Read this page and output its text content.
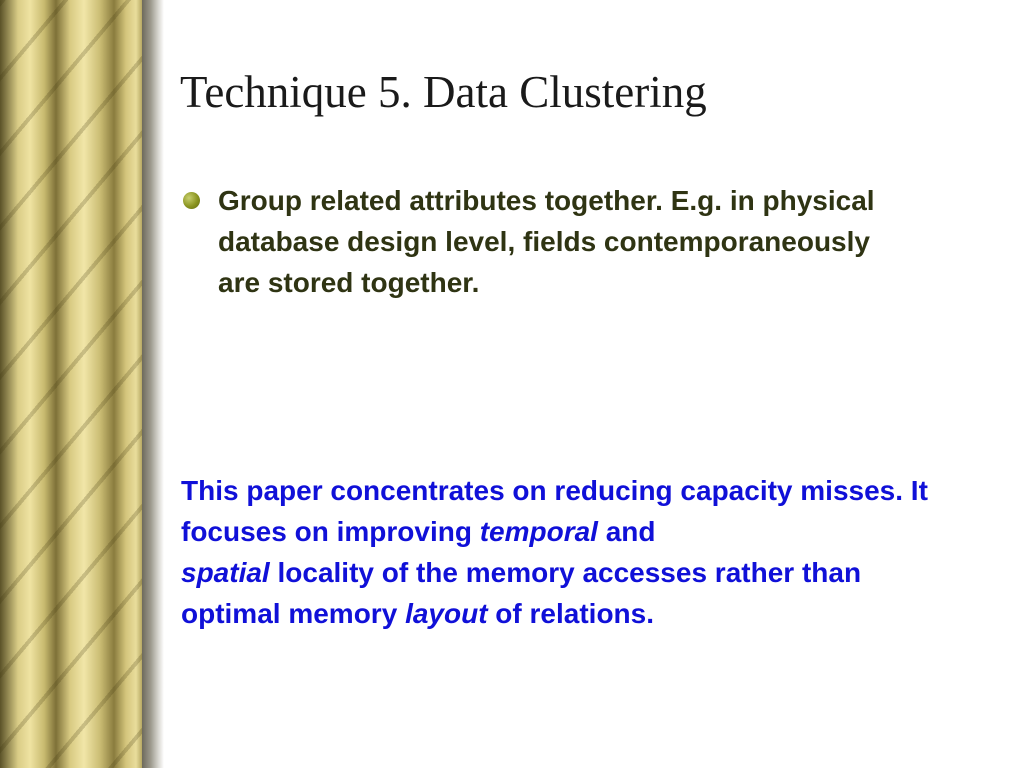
Technique 5. Data Clustering
Group related attributes together. E.g. in physical database design level, fields contemporaneously are stored together.

This paper concentrates on reducing capacity misses. It focuses on improving temporal and
spatial locality of the memory accesses rather than optimal memory layout of relations.
